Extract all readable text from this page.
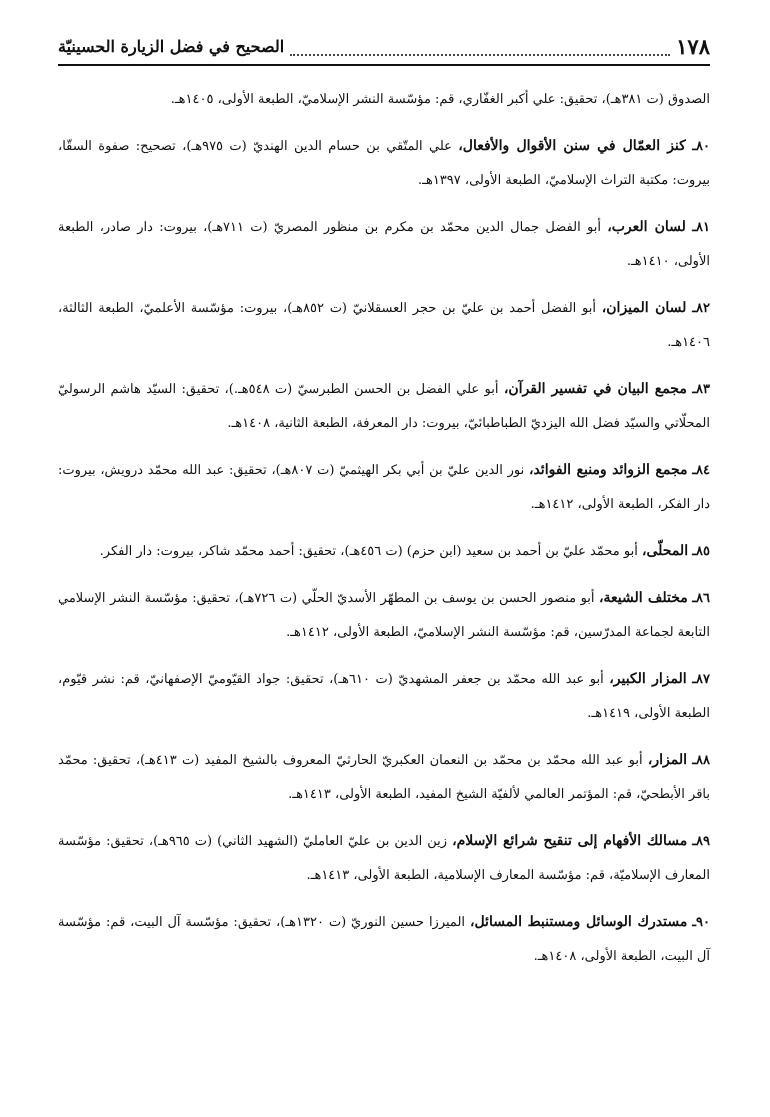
١٧٨
الصحيح في فضل الزيارة الحسينيّة

الصدوق (ت ٣٨١هـ)، تحقيق: علي أكبر الغفّاري، قم: مؤسّسة النشر الإسلاميّ، الطبعة الأولى، ١٤٠٥هـ.

٨٠ـ كنز العمّال في سنن الأقوال والأفعال، علي المتّقي بن حسام الدين الهنديّ (ت ٩٧٥هـ)، تصحيح: صفوة السقّا، بيروت: مكتبة التراث الإسلاميّ، الطبعة الأولى، ١٣٩٧هـ.

٨١ـ لسان العرب، أبو الفضل جمال الدين محمّد بن مكرم بن منظور المصريّ (ت ٧١١هـ)، بيروت: دار صادر، الطبعة الأولى، ١٤١٠هـ.

٨٢ـ لسان الميزان، أبو الفضل أحمد بن عليّ بن حجر العسقلانيّ (ت ٨٥٢هـ)، بيروت: مؤسّسة الأعلميّ، الطبعة الثالثة، ١٤٠٦هـ.

٨٣ـ مجمع البيان في تفسير القرآن، أبو علي الفضل بن الحسن الطبرسيّ (ت ٥٤٨هـ.)، تحقيق: السيّد هاشم الرسوليّ المحلّاتي والسيّد فضل الله اليزديّ الطباطبائيّ، بيروت: دار المعرفة، الطبعة الثانية، ١٤٠٨هـ.

٨٤ـ مجمع الزوائد ومنبع الفوائد، نور الدين عليّ بن أبي بكر الهيثميّ (ت ٨٠٧هـ)، تحقيق: عبد الله محمّد درويش، بيروت: دار الفكر، الطبعة الأولى، ١٤١٢هـ.

٨٥ـ المحلّى، أبو محمّد عليّ بن أحمد بن سعيد (ابن حزم) (ت ٤٥٦هـ)، تحقيق: أحمد محمّد شاكر، بيروت: دار الفكر.

٨٦ـ مختلف الشيعة، أبو منصور الحسن بن يوسف بن المطهّر الأسديّ الحلّي (ت ٧٢٦هـ)، تحقيق: مؤسّسة النشر الإسلامي التابعة لجماعة المدرّسين، قم: مؤسّسة النشر الإسلاميّ، الطبعة الأولى، ١٤١٢هـ.

٨٧ـ المزار الكبير، أبو عبد الله محمّد بن جعفر المشهديّ (ت ٦١٠هـ)، تحقيق: جواد القيّوميّ الإصفهانيّ، قم: نشر قيّوم، الطبعة الأولى، ١٤١٩هـ.

٨٨ـ المزار، أبو عبد الله محمّد بن محمّد بن النعمان العكبريّ الحارثيّ المعروف بالشيخ المفيد (ت ٤١٣هـ)، تحقيق: محمّد باقر الأبطحيّ، قم: المؤتمر العالمي لألفيّة الشيخ المفيد، الطبعة الأولى، ١٤١٣هـ.

٨٩ـ مسالك الأفهام إلى تنقيح شرائع الإسلام، زين الدين بن عليّ العامليّ (الشهيد الثاني) (ت ٩٦٥هـ)، تحقيق: مؤسّسة المعارف الإسلاميّة، قم: مؤسّسة المعارف الإسلامية، الطبعة الأولى، ١٤١٣هـ.

٩٠ـ مستدرك الوسائل ومستنبط المسائل، الميرزا حسين النوريّ (ت ١٣٢٠هـ)، تحقيق: مؤسّسة آل البيت، قم: مؤسّسة آل البيت، الطبعة الأولى، ١٤٠٨هـ.
